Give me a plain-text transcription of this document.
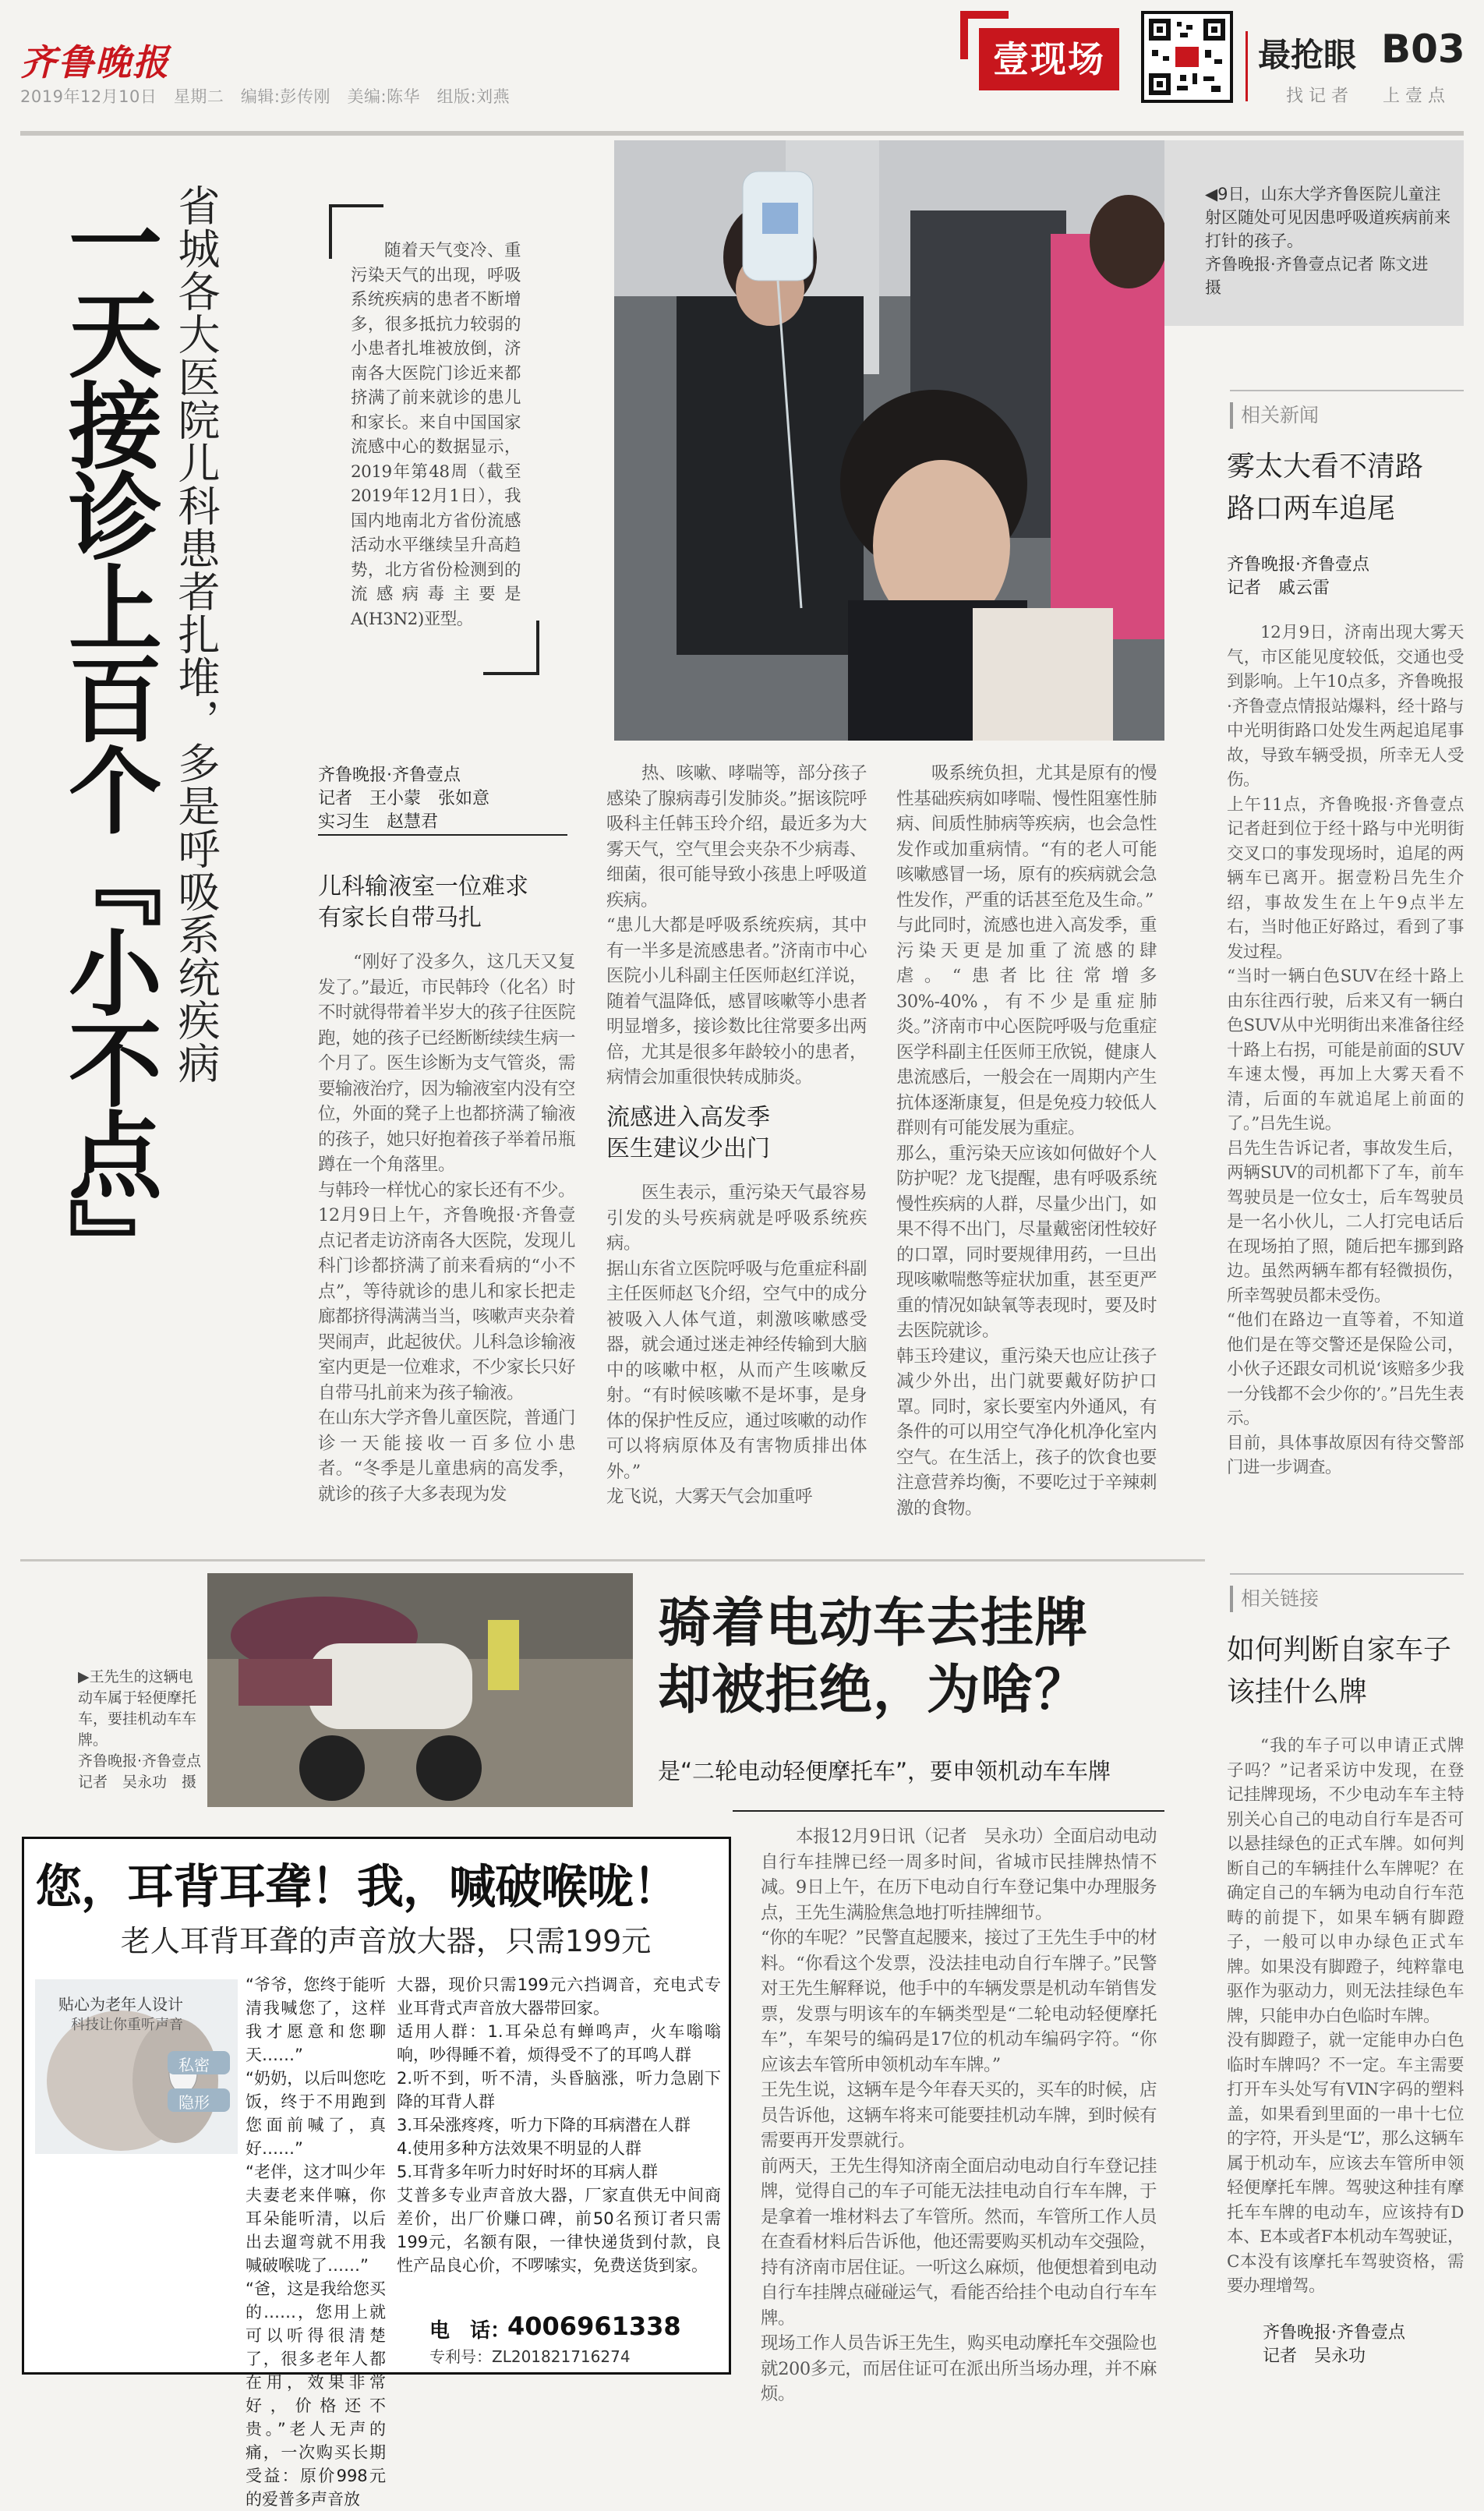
齐鲁晚报
2019年12月10日　星期二　编辑:彭传刚　美编:陈华　组版:刘燕
壹现场	最抢眼 B03
找 记 者　　上 壹 点
省城各大医院儿科患者扎堆，多是呼吸系统疾病
一天接诊上百个『小不点』	随着天气变冷、重污染天气的出现，呼吸系统疾病的患者不断增多，很多抵抗力较弱的小患者扎堆被放倒，济南各大医院门诊近来都挤满了前来就诊的患儿和家长。来自中国国家流感中心的数据显示，2019年第48周（截至2019年12月1日），我国内地南北方省份流感活动水平继续呈升高趋势，北方省份检测到的流感病毒主要是A(H3N2)亚型。

◀9日，山东大学齐鲁医院儿童注射区随处可见因患呼吸道疾病前来打针的孩子。
齐鲁晚报·齐鲁壹点记者 陈文进　摄
齐鲁晚报·齐鲁壹点
记者　王小蒙　张如意
实习生　赵慧君
儿科输液室一位难求
有家长自带马扎

“刚好了没多久，这几天又复发了。”最近，市民韩玲（化名）时不时就得带着半岁大的孩子往医院跑，她的孩子已经断断续续生病一个月了。医生诊断为支气管炎，需要输液治疗，因为输液室内没有空位，外面的凳子上也都挤满了输液的孩子，她只好抱着孩子举着吊瓶蹲在一个角落里。
与韩玲一样忧心的家长还有不少。12月9日上午，齐鲁晚报·齐鲁壹点记者走访济南各大医院，发现儿科门诊都挤满了前来看病的“小不点”，等待就诊的患儿和家长把走廊都挤得满满当当，咳嗽声夹杂着哭闹声，此起彼伏。儿科急诊输液室内更是一位难求，不少家长只好自带马扎前来为孩子输液。
在山东大学齐鲁儿童医院，普通门诊一天能接收一百多位小患者。“冬季是儿童患病的高发季，就诊的孩子大多表现为发

热、咳嗽、哮喘等，部分孩子感染了腺病毒引发肺炎。”据该院呼吸科主任韩玉玲介绍，最近多为大雾天气，空气里会夹杂不少病毒、细菌，很可能导致小孩患上呼吸道疾病。
“患儿大都是呼吸系统疾病，其中有一半多是流感患者。”济南市中心医院小儿科副主任医师赵红洋说，随着气温降低，感冒咳嗽等小患者明显增多，接诊数比往常要多出两倍，尤其是很多年龄较小的患者，病情会加重很快转成肺炎。

流感进入高发季
医生建议少出门

医生表示，重污染天气最容易引发的头号疾病就是呼吸系统疾病。
据山东省立医院呼吸与危重症科副主任医师赵飞介绍，空气中的成分被吸入人体气道，刺激咳嗽感受器，就会通过迷走神经传输到大脑中的咳嗽中枢，从而产生咳嗽反射。“有时候咳嗽不是坏事，是身体的保护性反应，通过咳嗽的动作可以将病原体及有害物质排出体外。”
龙飞说，大雾天气会加重呼

吸系统负担，尤其是原有的慢性基础疾病如哮喘、慢性阻塞性肺病、间质性肺病等疾病，也会急性发作或加重病情。“有的老人可能咳嗽感冒一场，原有的疾病就会急性发作，严重的话甚至危及生命。”
与此同时，流感也进入高发季，重污染天更是加重了流感的肆虐。“患者比往常增多30%-40%，有不少是重症肺炎。”济南市中心医院呼吸与危重症医学科副主任医师王欣锐，健康人患流感后，一般会在一周期内产生抗体逐渐康复，但是免疫力较低人群则有可能发展为重症。
那么，重污染天应该如何做好个人防护呢？龙飞提醒，患有呼吸系统慢性疾病的人群，尽量少出门，如果不得不出门，尽量戴密闭性较好的口罩，同时要规律用药，一旦出现咳嗽喘憋等症状加重，甚至更严重的情况如缺氧等表现时，要及时去医院就诊。
韩玉玲建议，重污染天也应让孩子减少外出，出门就要戴好防护口罩。同时，家长要室内外通风，有条件的可以用空气净化机净化室内空气。在生活上，孩子的饮食也要注意营养均衡，不要吃过于辛辣刺激的食物。

相关新闻
雾太大看不清路
路口两车追尾
齐鲁晚报·齐鲁壹点
记者　戚云雷

12月9日，济南出现大雾天气，市区能见度较低，交通也受到影响。上午10点多，齐鲁晚报·齐鲁壹点情报站爆料，经十路与中光明街路口处发生两起追尾事故，导致车辆受损，所幸无人受伤。
上午11点，齐鲁晚报·齐鲁壹点记者赶到位于经十路与中光明街交叉口的事发现场时，追尾的两辆车已离开。据壹粉吕先生介绍，事故发生在上午9点半左右，当时他正好路过，看到了事发过程。
“当时一辆白色SUV在经十路上由东往西行驶，后来又有一辆白色SUV从中光明街出来准备往经十路上右拐，可能是前面的SUV车速太慢，再加上大雾天看不清，后面的车就追尾上前面的了。”吕先生说。
吕先生告诉记者，事故发生后，两辆SUV的司机都下了车，前车驾驶员是一位女士，后车驾驶员是一名小伙儿，二人打完电话后在现场拍了照，随后把车挪到路边。虽然两辆车都有轻微损伤，所幸驾驶员都未受伤。
“他们在路边一直等着，不知道他们是在等交警还是保险公司，小伙子还跟女司机说‘该赔多少我一分钱都不会少你的’。”吕先生表示。
目前，具体事故原因有待交警部门进一步调查。

▶王先生的这辆电动车属于轻便摩托车，要挂机动车车牌。
齐鲁晚报·齐鲁壹点
记者　吴永功　摄
骑着电动车去挂牌
却被拒绝，为啥？
是“二轮电动轻便摩托车”，要申领机动车车牌

本报12月9日讯（记者　吴永功）全面启动电动自行车挂牌已经一周多时间，省城市民挂牌热情不减。9日上午，在历下电动自行车登记集中办理服务点，王先生满脸焦急地打听挂牌细节。
“你的车呢？”民警直起腰来，接过了王先生手中的材料。“你看这个发票，没法挂电动自行车牌子。”民警对王先生解释说，他手中的车辆发票是机动车销售发票，发票与明该车的车辆类型是“二轮电动轻便摩托车”，车架号的编码是17位的机动车编码字符。“你应该去车管所申领机动车车牌。”
王先生说，这辆车是今年春天买的，买车的时候，店员告诉他，这辆车将来可能要挂机动车牌，到时候有需要再开发票就行。
前两天，王先生得知济南全面启动电动自行车登记挂牌，觉得自己的车子可能无法挂电动自行车车牌，于是拿着一堆材料去了车管所。然而，车管所工作人员在查看材料后告诉他，他还需要购买机动车交强险，持有济南市居住证。一听这么麻烦，他便想着到电动自行车挂牌点碰碰运气，看能否给挂个电动自行车车牌。
现场工作人员告诉王先生，购买电动摩托车交强险也就200多元，而居住证可在派出所当场办理，并不麻烦。

相关链接
如何判断自家车子
该挂什么牌

“我的车子可以申请正式牌子吗？”记者采访中发现，在登记挂牌现场，不少电动车车主特别关心自己的电动自行车是否可以悬挂绿色的正式车牌。如何判断自己的车辆挂什么车牌呢？在确定自己的车辆为电动自行车范畴的前提下，如果车辆有脚蹬子，一般可以申办绿色正式车牌。如果没有脚蹬子，纯粹靠电驱作为驱动力，则无法挂绿色车牌，只能申办白色临时车牌。
没有脚蹬子，就一定能申办白色临时车牌吗？不一定。车主需要打开车头处写有VIN字码的塑料盖，如果看到里面的一串十七位的字符，开头是“L”，那么这辆车属于机动车，应该去车管所申领轻便摩托车牌。驾驶这种挂有摩托车车牌的电动车，应该持有D本、E本或者F本机动车驾驶证，C本没有该摩托车驾驶资格，需要办理增驾。

齐鲁晚报·齐鲁壹点
记者　吴永功
您，耳背耳聋！我，喊破喉咙！
老人耳背耳聋的声音放大器，只需199元
贴心为老年人设计
科技让你重听声音
私密
隐形
“爷爷，您终于能听清我喊您了，这样我才愿意和您聊天……”
“奶奶，以后叫您吃饭，终于不用跑到您面前喊了，真好……”
“老伴，这才叫少年夫妻老来伴嘛，你耳朵能听清，以后出去遛弯就不用我喊破喉咙了……”
“爸，这是我给您买的……，您用上就可以听得很清楚了，很多老年人都在用，效果非常好，价格还不贵。”老人无声的痛，一次购买长期受益：原价998元的爱普多声音放
大器，现价只需199元六挡调音，充电式专业耳背式声音放大器带回家。
适用人群：1.耳朵总有蝉鸣声，火车嗡嗡响，吵得睡不着，烦得受不了的耳鸣人群
2.听不到，听不清，头昏脑涨，听力急剧下降的耳背人群
3.耳朵涨疼疼，听力下降的耳病潜在人群
4.使用多种方法效果不明显的人群
5.耳背多年听力时好时坏的耳病人群
艾普多专业声音放大器，厂家直供无中间商差价，出厂价赚口碑，前50名预订者只需199元，名额有限，一律快递货到付款，良性产品良心价，不啰嗦实，免费送货到家。
电　话：
4006961338
专利号：ZL201821716274
